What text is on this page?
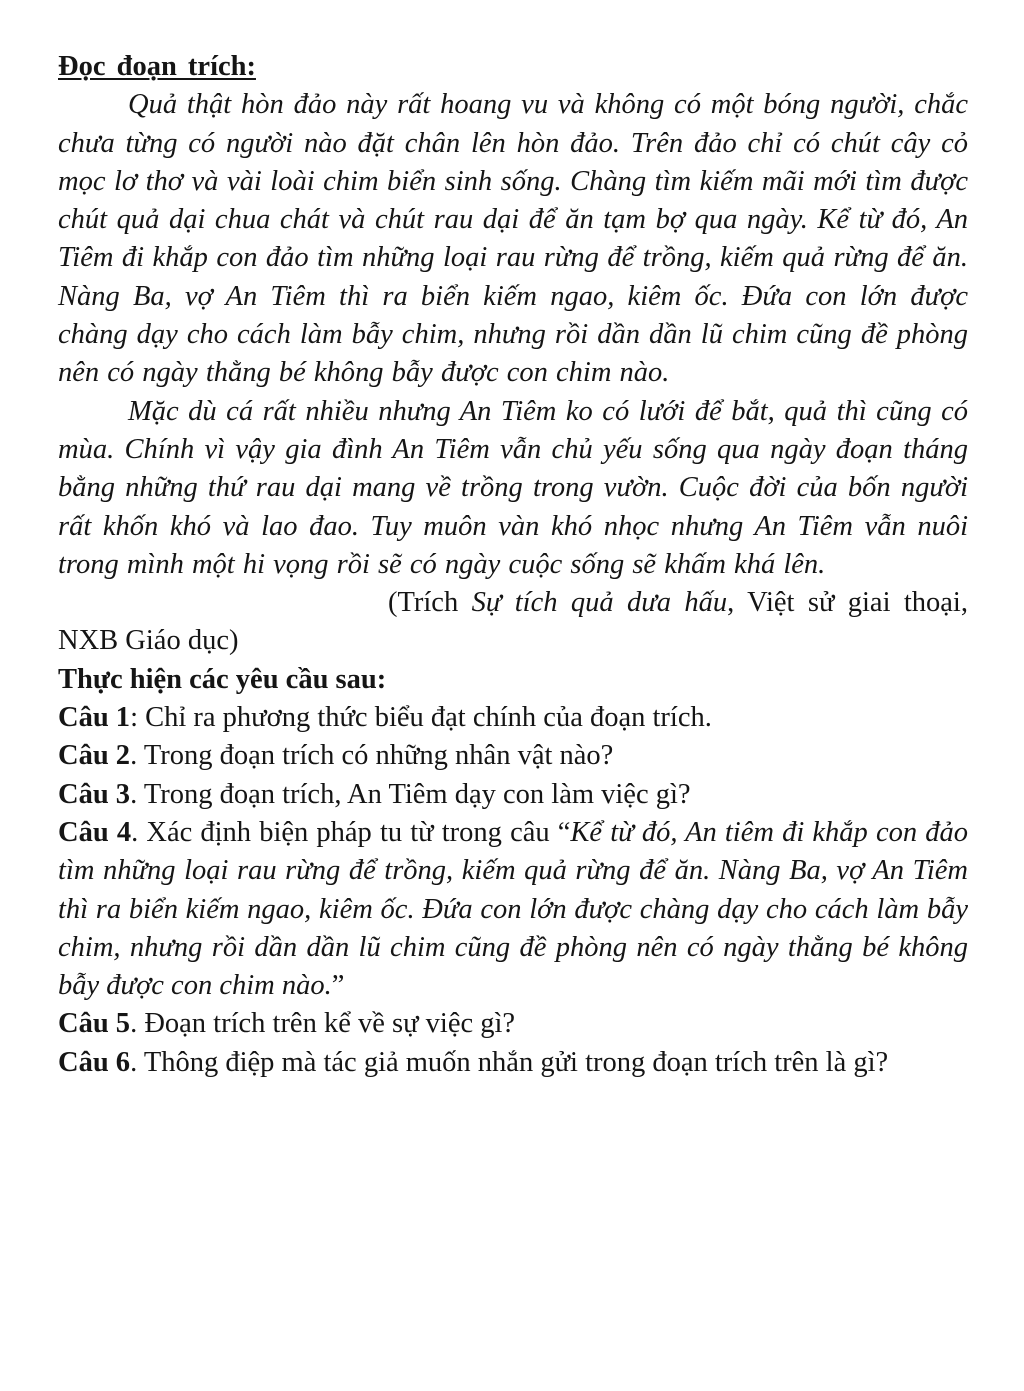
Đọc đoạn trích:

Quả thật hòn đảo này rất hoang vu và không có một bóng người, chắc chưa từng có người nào đặt chân lên hòn đảo. Trên đảo chỉ có chút cây cỏ mọc lơ thơ và vài loài chim biển sinh sống. Chàng tìm kiếm mãi mới tìm được chút quả dại chua chát và chút rau dại để ăn tạm bợ qua ngày. Kể từ đó, An Tiêm đi khắp con đảo tìm những loại rau rừng để trồng, kiếm quả rừng để ăn. Nàng Ba, vợ An Tiêm thì ra biển kiếm ngao, kiêm ốc. Đứa con lớn được chàng dạy cho cách làm bẫy chim, nhưng rồi dần dần lũ chim cũng đề phòng nên có ngày thằng bé không bẫy được con chim nào.

Mặc dù cá rất nhiều nhưng An Tiêm ko có lưới để bắt, quả thì cũng có mùa. Chính vì vậy gia đình An Tiêm vẫn chủ yếu sống qua ngày đoạn tháng bằng những thứ rau dại mang về trồng trong vườn. Cuộc đời của bốn người rất khốn khó và lao đao. Tuy muôn vàn khó nhọc nhưng An Tiêm vẫn nuôi trong mình một hi vọng rồi sẽ có ngày cuộc sống sẽ khấm khá lên.

(Trích Sự tích quả dưa hấu, Việt sử giai thoại, NXB Giáo dục)

Thực hiện các yêu cầu sau:

Câu 1: Chỉ ra phương thức biểu đạt chính của đoạn trích.

Câu 2. Trong đoạn trích có những nhân vật nào?

Câu 3. Trong đoạn trích, An Tiêm dạy con làm việc gì?

Câu 4. Xác định biện pháp tu từ trong câu “Kể từ đó, An tiêm đi khắp con đảo tìm những loại rau rừng để trồng, kiếm quả rừng để ăn. Nàng Ba, vợ An Tiêm thì ra biển kiếm ngao, kiêm ốc. Đứa con lớn được chàng dạy cho cách làm bẫy chim, nhưng rồi dần dần lũ chim cũng đề phòng nên có ngày thằng bé không bẫy được con chim nào.”

Câu 5. Đoạn trích trên kể về sự việc gì?

Câu 6. Thông điệp mà tác giả muốn nhắn gửi trong đoạn trích trên là gì?
